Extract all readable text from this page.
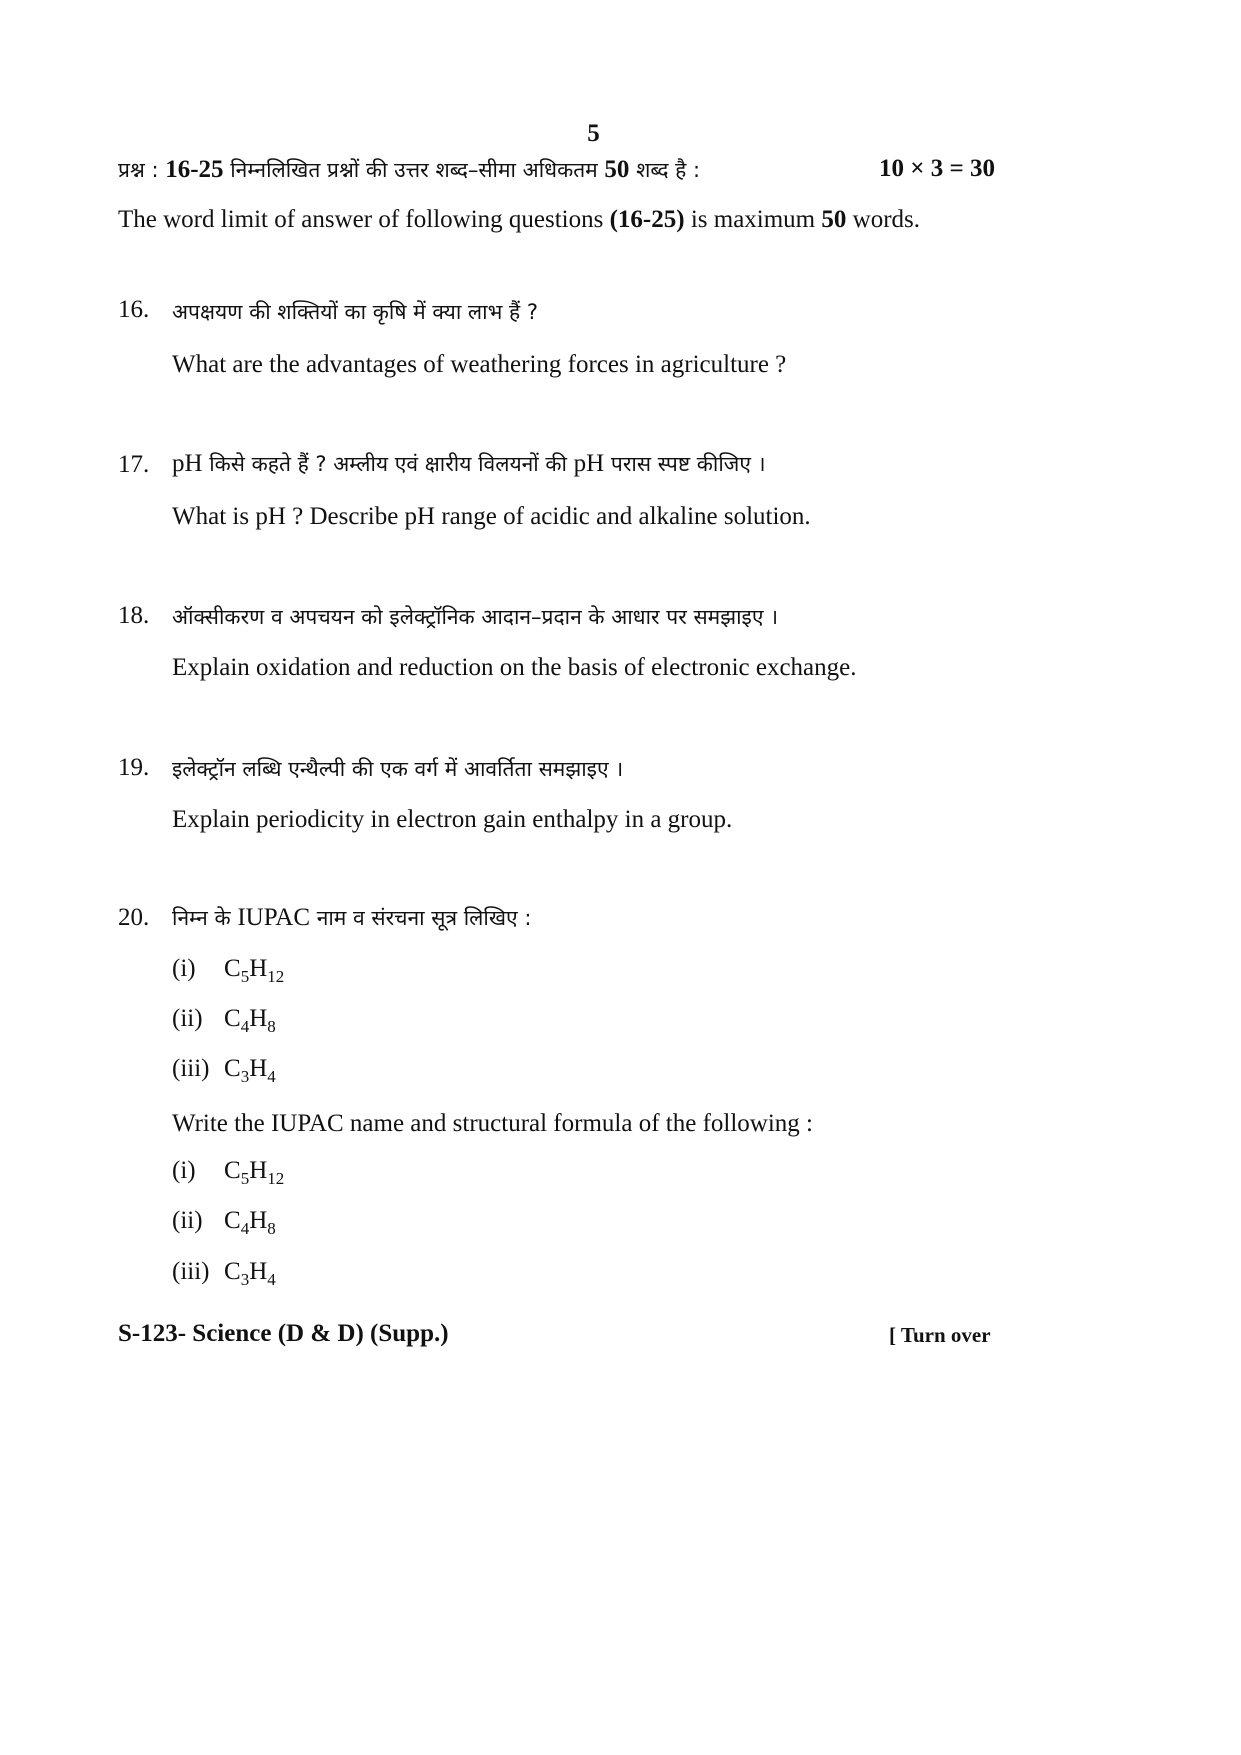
5
प्रश्न : 16-25 निम्नलिखित प्रश्नों की उत्तर शब्द–सीमा अधिकतम 50 शब्द है :	10 × 3 = 30
The word limit of answer of following questions (16-25) is maximum 50 words.
16. अपक्षयण की शक्तियों का कृषि में क्या लाभ हैं ?
What are the advantages of weathering forces in agriculture ?
17. pH किसे कहते हैं ? अम्लीय एवं क्षारीय विलयनों की pH परास स्पष्ट कीजिए ।
What is pH ? Describe pH range of acidic and alkaline solution.
18. ऑक्सीकरण व अपचयन को इलेक्ट्रॉनिक आदान–प्रदान के आधार पर समझाइए ।
Explain oxidation and reduction on the basis of electronic exchange.
19. इलेक्ट्रॉन लब्धि एन्थैल्पी की एक वर्ग में आवर्तिता समझाइए ।
Explain periodicity in electron gain enthalpy in a group.
20. निम्न के IUPAC नाम व संरचना सूत्र लिखिए :
(i) $C_5H_{12}$
(ii) $C_4H_8$
(iii) $C_3H_4$
Write the IUPAC name and structural formula of the following :
(i) $C_5H_{12}$
(ii) $C_4H_8$
(iii) $C_3H_4$
S-123- Science (D & D) (Supp.)	[ Turn over
